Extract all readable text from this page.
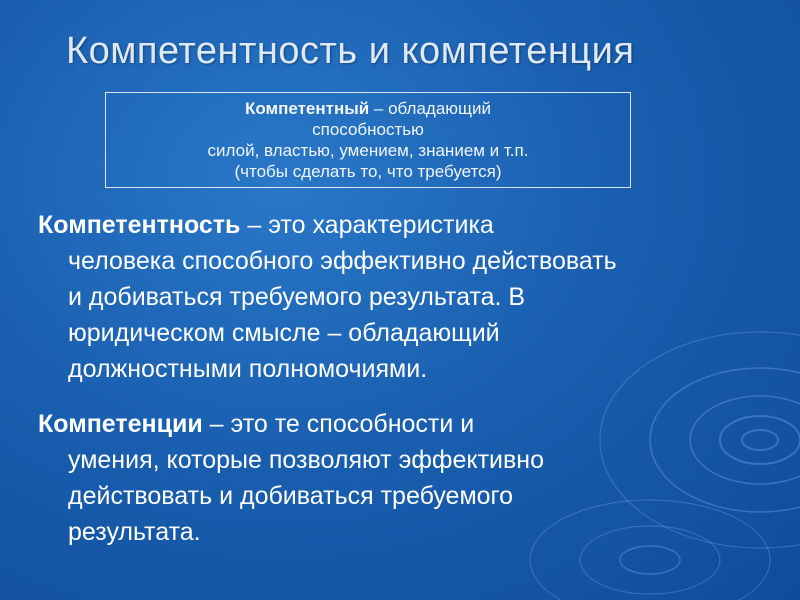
Компетентность и компетенция
Компетентный – обладающий
способностью
силой, властью, умением, знанием и т.п.
(чтобы сделать то, что требуется)
Компетентность – это характеристика
человека способного эффективно действовать
и добиваться требуемого результата. В
юридическом смысле – обладающий
должностными полномочиями.
Компетенции – это те способности и
умения, которые позволяют эффективно
действовать и добиваться требуемого
результата.
